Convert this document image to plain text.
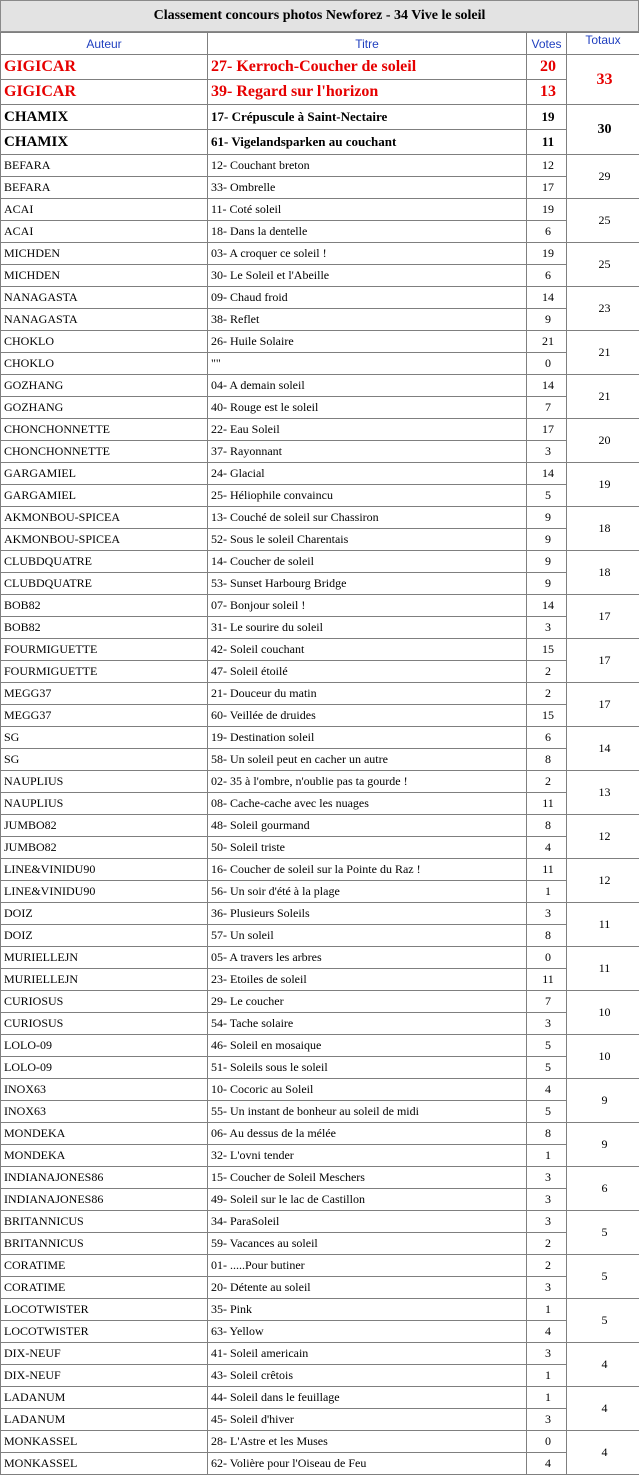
Classement concours photos Newforez - 34 Vive le soleil
Auteur	Titre	Votes	Totaux
GIGICAR	27- Kerroch-Coucher de soleil	20	33
GIGICAR	39- Regard sur l'horizon	13	
CHAMIX	17- Crépuscule à Saint-Nectaire	19	30
CHAMIX	61- Vigelandsparken au couchant	11	
BEFARA	12- Couchant breton	12	29
BEFARA	33- Ombrelle	17	
ACAI	11- Coté soleil	19	25
ACAI	18- Dans la dentelle	6	
MICHDEN	03- A croquer ce soleil !	19	25
MICHDEN	30- Le Soleil et l'Abeille	6	
NANAGASTA	09- Chaud froid	14	23
NANAGASTA	38- Reflet	9	
CHOKLO	26- Huile Solaire	21	21
CHOKLO	""	0	
GOZHANG	04- A demain soleil	14	21
GOZHANG	40- Rouge est le soleil	7	
CHONCHONNETTE	22- Eau Soleil	17	20
CHONCHONNETTE	37- Rayonnant	3	
GARGAMIEL	24- Glacial	14	19
GARGAMIEL	25- Héliophile convaincu	5	
AKMONBOU-SPICEA	13- Couché de soleil sur Chassiron	9	18
AKMONBOU-SPICEA	52- Sous le soleil Charentais	9	
CLUBDQUATRE	14- Coucher de soleil	9	18
CLUBDQUATRE	53- Sunset Harbourg Bridge	9	
BOB82	07- Bonjour soleil !	14	17
BOB82	31- Le sourire du soleil	3	
FOURMIGUETTE	42- Soleil couchant	15	17
FOURMIGUETTE	47- Soleil étoilé	2	
MEGG37	21- Douceur du matin	2	17
MEGG37	60- Veillée de druides	15	
SG	19- Destination soleil	6	14
SG	58- Un soleil peut en cacher un autre	8	
NAUPLIUS	02- 35 à l'ombre, n'oublie pas ta gourde !	2	13
NAUPLIUS	08- Cache-cache avec les nuages	11	
JUMBO82	48- Soleil gourmand	8	12
JUMBO82	50- Soleil triste	4	
LINE&VINIDU90	16- Coucher de soleil sur la Pointe du Raz !	11	12
LINE&VINIDU90	56- Un soir d'été à la plage	1	
DOIZ	36- Plusieurs Soleils	3	11
DOIZ	57- Un soleil	8	
MURIELLEJN	05- A travers les arbres	0	11
MURIELLEJN	23- Etoiles de soleil	11	
CURIOSUS	29- Le coucher	7	10
CURIOSUS	54- Tache solaire	3	
LOLO-09	46- Soleil en mosaique	5	10
LOLO-09	51- Soleils sous le soleil	5	
INOX63	10- Cocoric au Soleil	4	9
INOX63	55- Un instant de bonheur au soleil de midi	5	
MONDEKA	06- Au dessus de la mélée	8	9
MONDEKA	32- L'ovni tender	1	
INDIANAJONES86	15- Coucher de Soleil Meschers	3	6
INDIANAJONES86	49- Soleil sur le lac de Castillon	3	
BRITANNICUS	34- ParaSoleil	3	5
BRITANNICUS	59- Vacances au soleil	2	
CORATIME	01- .....Pour butiner	2	5
CORATIME	20- Détente au soleil	3	
LOCOTWISTER	35- Pink	1	5
LOCOTWISTER	63- Yellow	4	
DIX-NEUF	41- Soleil americain	3	4
DIX-NEUF	43- Soleil crêtois	1	
LADANUM	44- Soleil dans le feuillage	1	4
LADANUM	45- Soleil d'hiver	3	
MONKASSEL	28- L'Astre et les Muses	0	4
MONKASSEL	62- Volière pour l'Oiseau de Feu	4	
